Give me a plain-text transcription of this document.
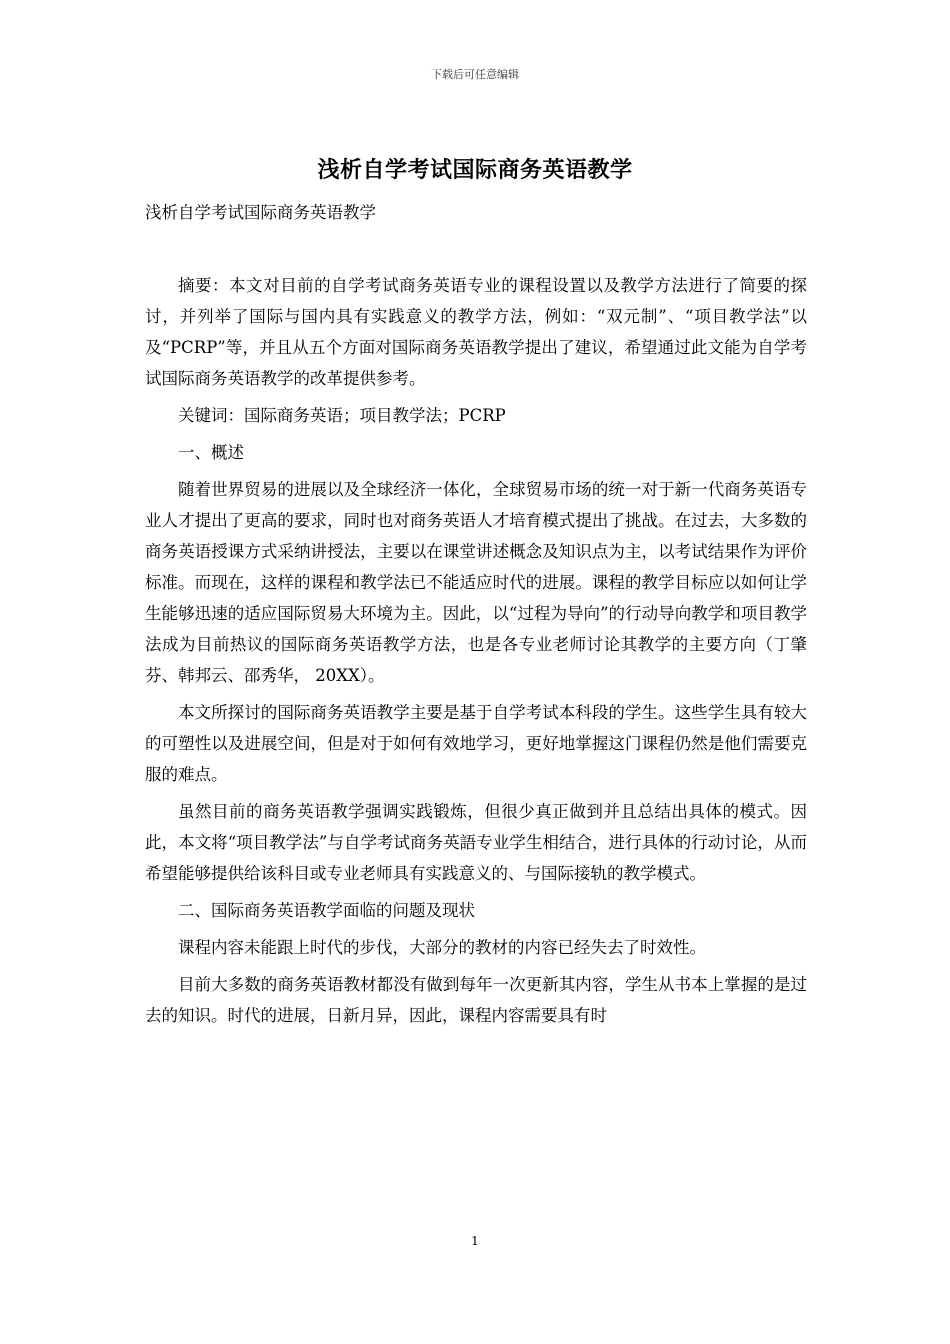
下载后可任意编辑
浅析自学考试国际商务英语教学
浅析自学考试国际商务英语教学

摘要：本文对目前的自学考试商务英语专业的课程设置以及教学方法进行了简要的探讨，并列举了国际与国内具有实践意义的教学方法，例如：“双元制”、“项目教学法”以及“PCRP”等，并且从五个方面对国际商务英语教学提出了建议，希望通过此文能为自学考试国际商务英语教学的改革提供参考。

关键词：国际商务英语；项目教学法；PCRP

一、概述

随着世界贸易的进展以及全球经济一体化，全球贸易市场的统一对于新一代商务英语专业人才提出了更高的要求，同时也对商务英语人才培育模式提出了挑战。在过去，大多数的商务英语授课方式采纳讲授法，主要以在课堂讲述概念及知识点为主，以考试结果作为评价标准。而现在，这样的课程和教学法已不能适应时代的进展。课程的教学目标应以如何让学生能够迅速的适应国际贸易大环境为主。因此，以“过程为导向”的行动导向教学和项目教学法成为目前热议的国际商务英语教学方法，也是各专业老师讨论其教学的主要方向（丁肇芬、韩邦云、邵秀华， 20XX）。

本文所探讨的国际商务英语教学主要是基于自学考试本科段的学生。这些学生具有较大的可塑性以及进展空间，但是对于如何有效地学习，更好地掌握这门课程仍然是他们需要克服的难点。

虽然目前的商务英语教学强调实践锻炼，但很少真正做到并且总结出具体的模式。因此，本文将“项目教学法”与自学考试商务英語专业学生相结合，进行具体的行动讨论，从而希望能够提供给该科目或专业老师具有实践意义的、与国际接轨的教学模式。

二、国际商务英语教学面临的问题及现状

课程内容未能跟上时代的步伐，大部分的教材的内容已经失去了时效性。

目前大多数的商务英语教材都没有做到每年一次更新其内容，学生从书本上掌握的是过去的知识。时代的进展，日新月异，因此，课程内容需要具有时

1
